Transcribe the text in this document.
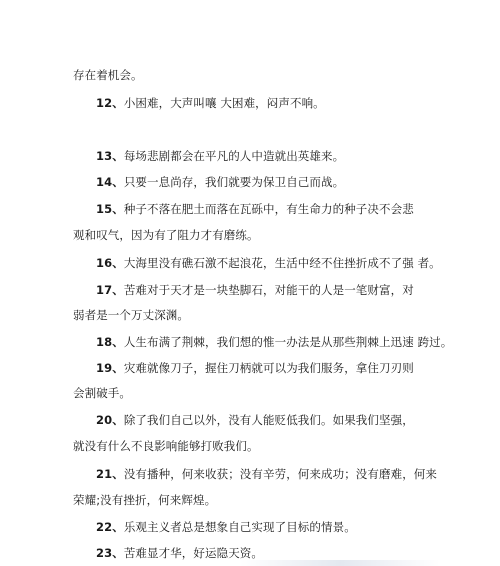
存在着机会。
12、小困难，大声叫嚷 大困难，闷声不响。
13、每场悲剧都会在平凡的人中造就出英雄来。
14、只要一息尚存，我们就要为保卫自己而战。
15、种子不落在肥土而落在瓦砾中，有生命力的种子决不会悲
观和叹气，因为有了阻力才有磨练。
16、大海里没有礁石激不起浪花，生活中经不住挫折成不了强 者。
17、苦难对于天才是一块垫脚石，对能干的人是一笔财富，对
弱者是一个万丈深渊。
18、人生布满了荆棘，我们想的惟一办法是从那些荆棘上迅速 跨过。
19、灾难就像刀子，握住刀柄就可以为我们服务，拿住刀刃则
会割破手。
20、除了我们自己以外，没有人能贬低我们。如果我们坚强，
就没有什么不良影响能够打败我们。
21、没有播种，何来收获；没有辛劳，何来成功；没有磨难，何来
荣耀;没有挫折，何来辉煌。
22、乐观主义者总是想象自己实现了目标的情景。
23、苦难显才华，好运隐天资。
